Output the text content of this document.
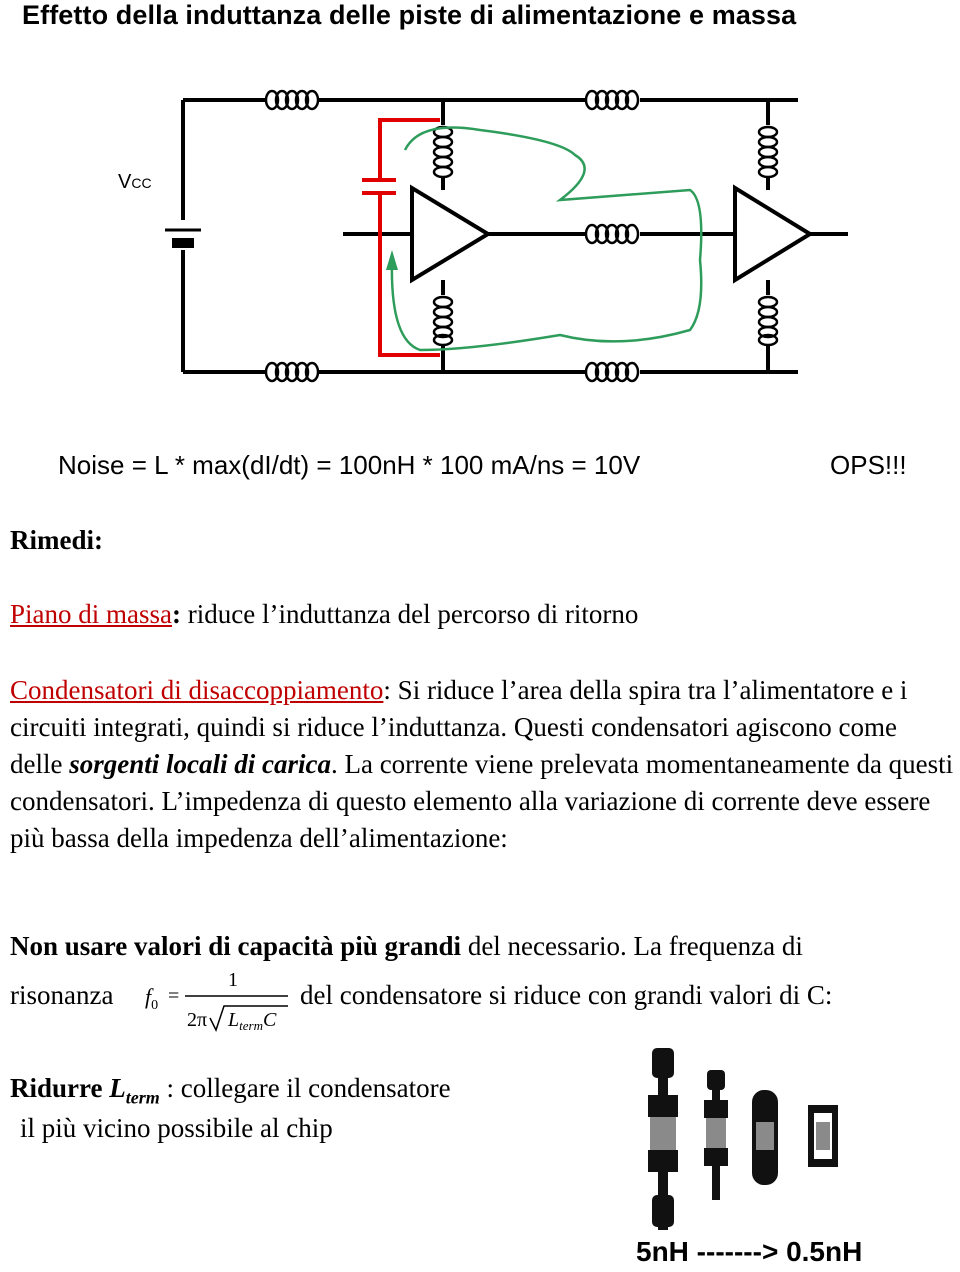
Effetto della induttanza delle piste di alimentazione e massa
VCC
Noise = L * max(dI/dt) = 100nH * 100 mA/ns = 10V	OPS!!!
Rimedi:
Piano di massa: riduce l’induttanza del percorso di ritorno
Condensatori di disaccoppiamento: Si riduce l’area della spira tra l’alimentatore e i circuiti integrati, quindi si riduce l’induttanza. Questi condensatori agiscono come delle sorgenti locali di carica. La corrente viene prelevata momentaneamente da questi condensatori. L’impedenza di questo elemento alla variazione di corrente deve essere più bassa della impedenza dell’alimentazione:
Non usare valori di capacità più grandi del necessario. La frequenza di
risonanza $f_0$ =
1
2π $L_{term}C$
del condensatore si riduce con grandi valori di C:
Ridurre $L_{term}$ : collegare il condensatore
il più vicino possibile al chip
5nH -------> 0.5nH
